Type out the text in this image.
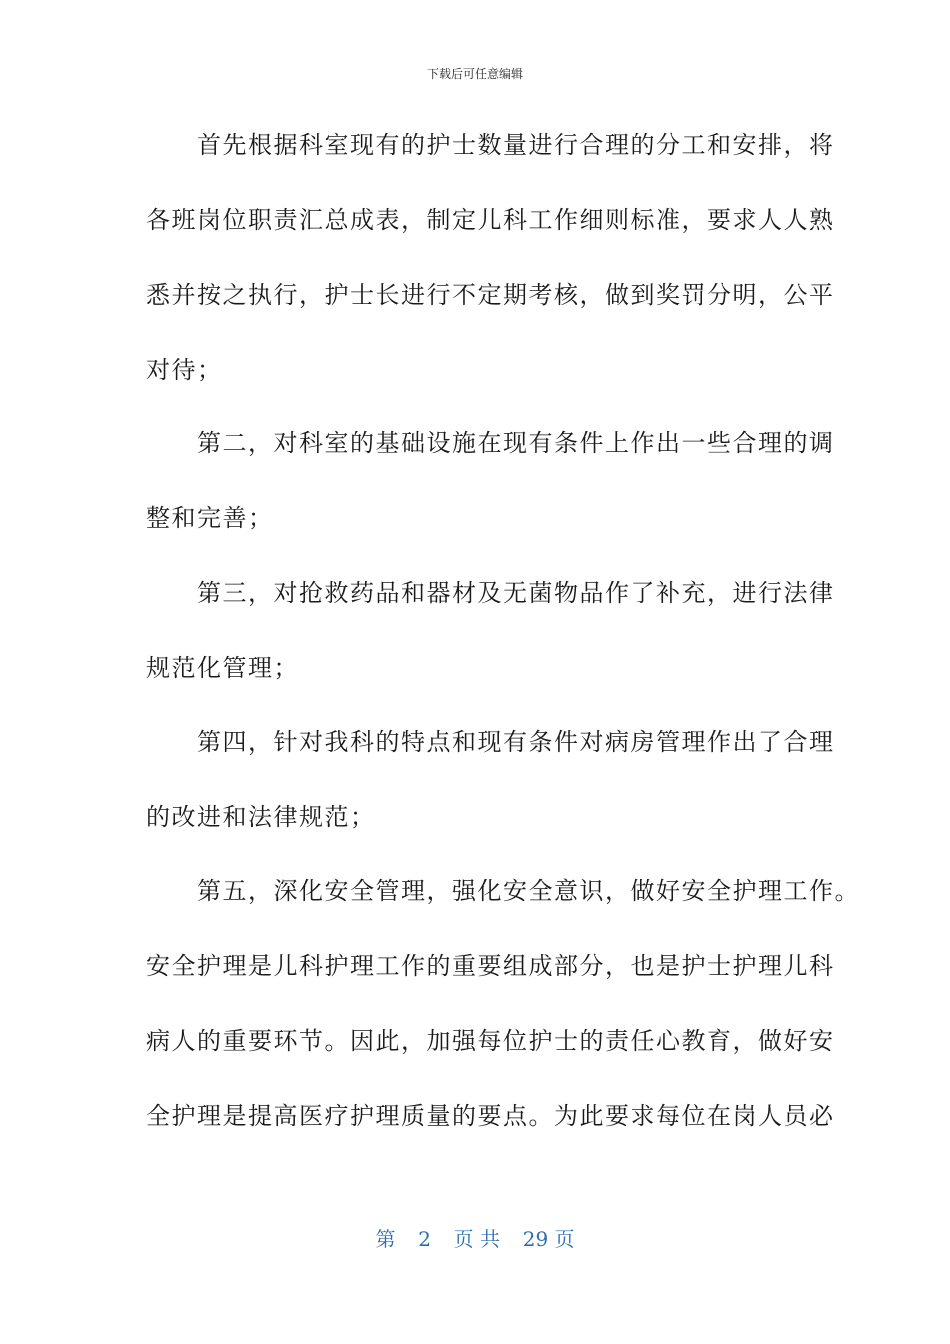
下载后可任意编辑
　　首先根据科室现有的护士数量进行合理的分工和安排，将
各班岗位职责汇总成表，制定儿科工作细则标准，要求人人熟
悉并按之执行，护士长进行不定期考核，做到奖罚分明，公平
对待；
　　第二，对科室的基础设施在现有条件上作出一些合理的调
整和完善；
　　第三，对抢救药品和器材及无菌物品作了补充，进行法律
规范化管理；
　　第四，针对我科的特点和现有条件对病房管理作出了合理
的改进和法律规范；
　　第五，深化安全管理，强化安全意识，做好安全护理工作。
安全护理是儿科护理工作的重要组成部分，也是护士护理儿科
病人的重要环节。因此，加强每位护士的责任心教育，做好安
全护理是提高医疗护理质量的要点。为此要求每位在岗人员必
第 2 页 共 29 页
